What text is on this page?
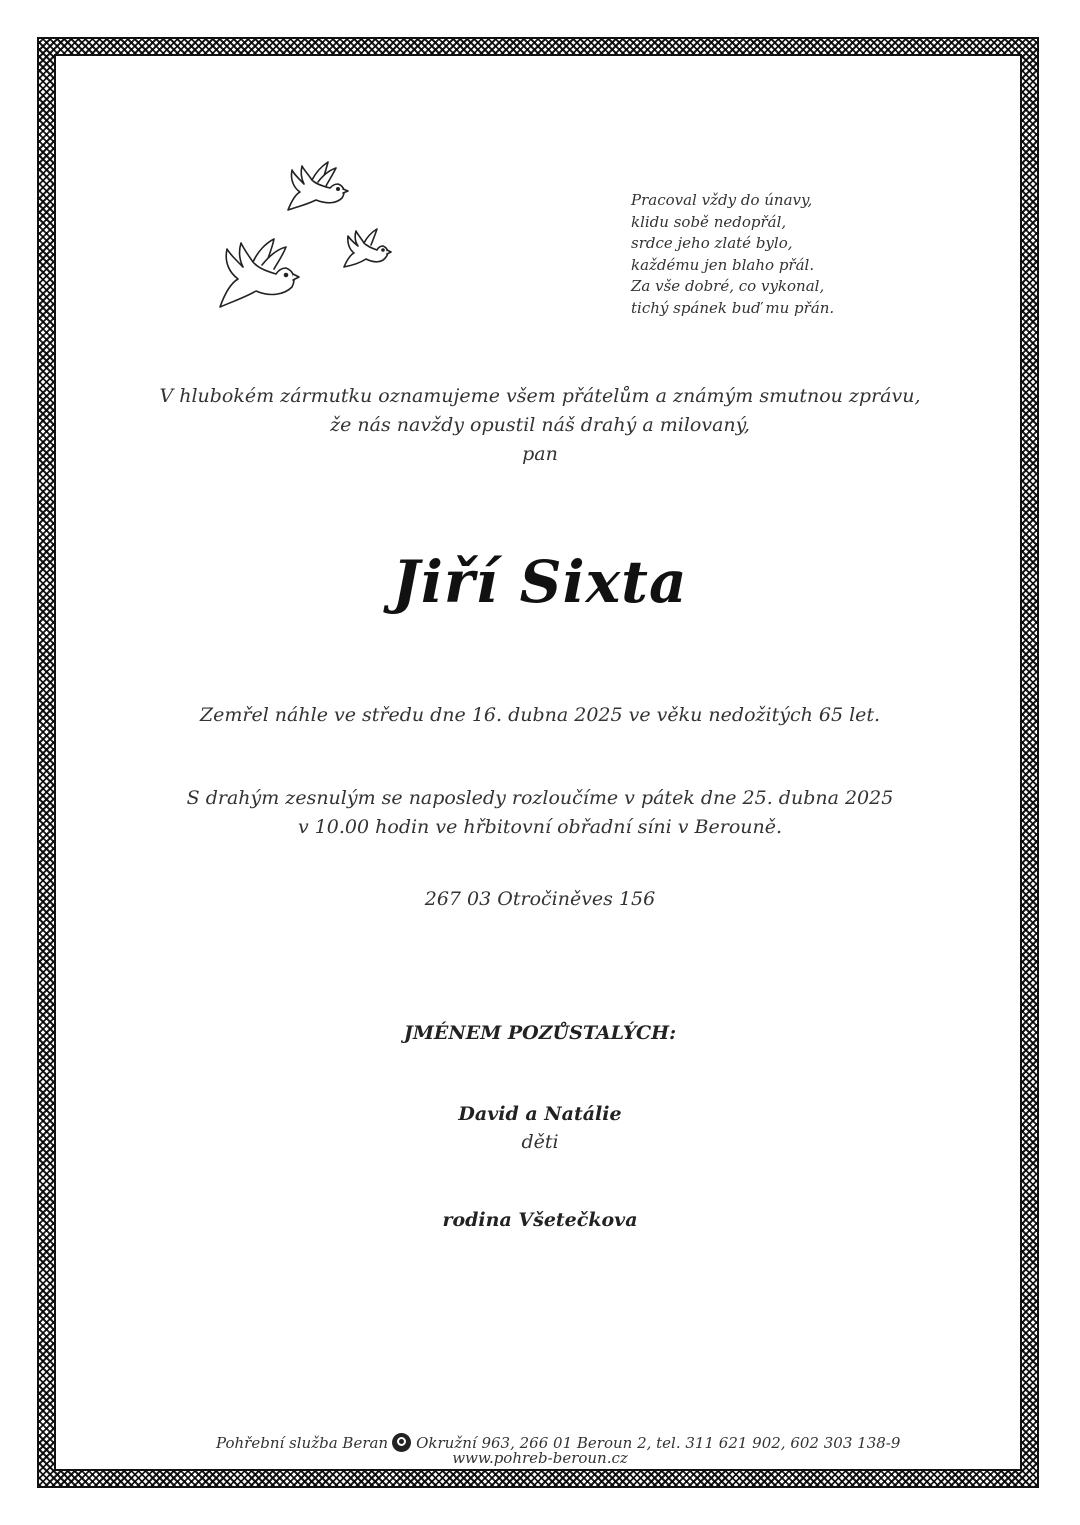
Pracoval vždy do únavy,
klidu sobě nedopřál,
srdce jeho zlaté bylo,
každému jen blaho přál.
Za vše dobré, co vykonal,
tichý spánek buď mu přán.
V hlubokém zármutku oznamujeme všem přátelům a známým smutnou zprávu,
že nás navždy opustil náš drahý a milovaný,
pan
Jiří Sixta
Zemřel náhle ve středu dne 16. dubna 2025 ve věku nedožitých 65 let.
S drahým zesnulým se naposledy rozloučíme v pátek dne 25. dubna 2025
v 10.00 hodin ve hřbitovní obřadní síni v Berouně.
267 03 Otročiněves 156
JMÉNEM POZŮSTALÝCH:
David a Natálie
děti
rodina Všetečkova
Pohřební služba Beran Okružní 963, 266 01 Beroun 2, tel. 311 621 902, 602 303 138-9
www.pohreb-beroun.cz
